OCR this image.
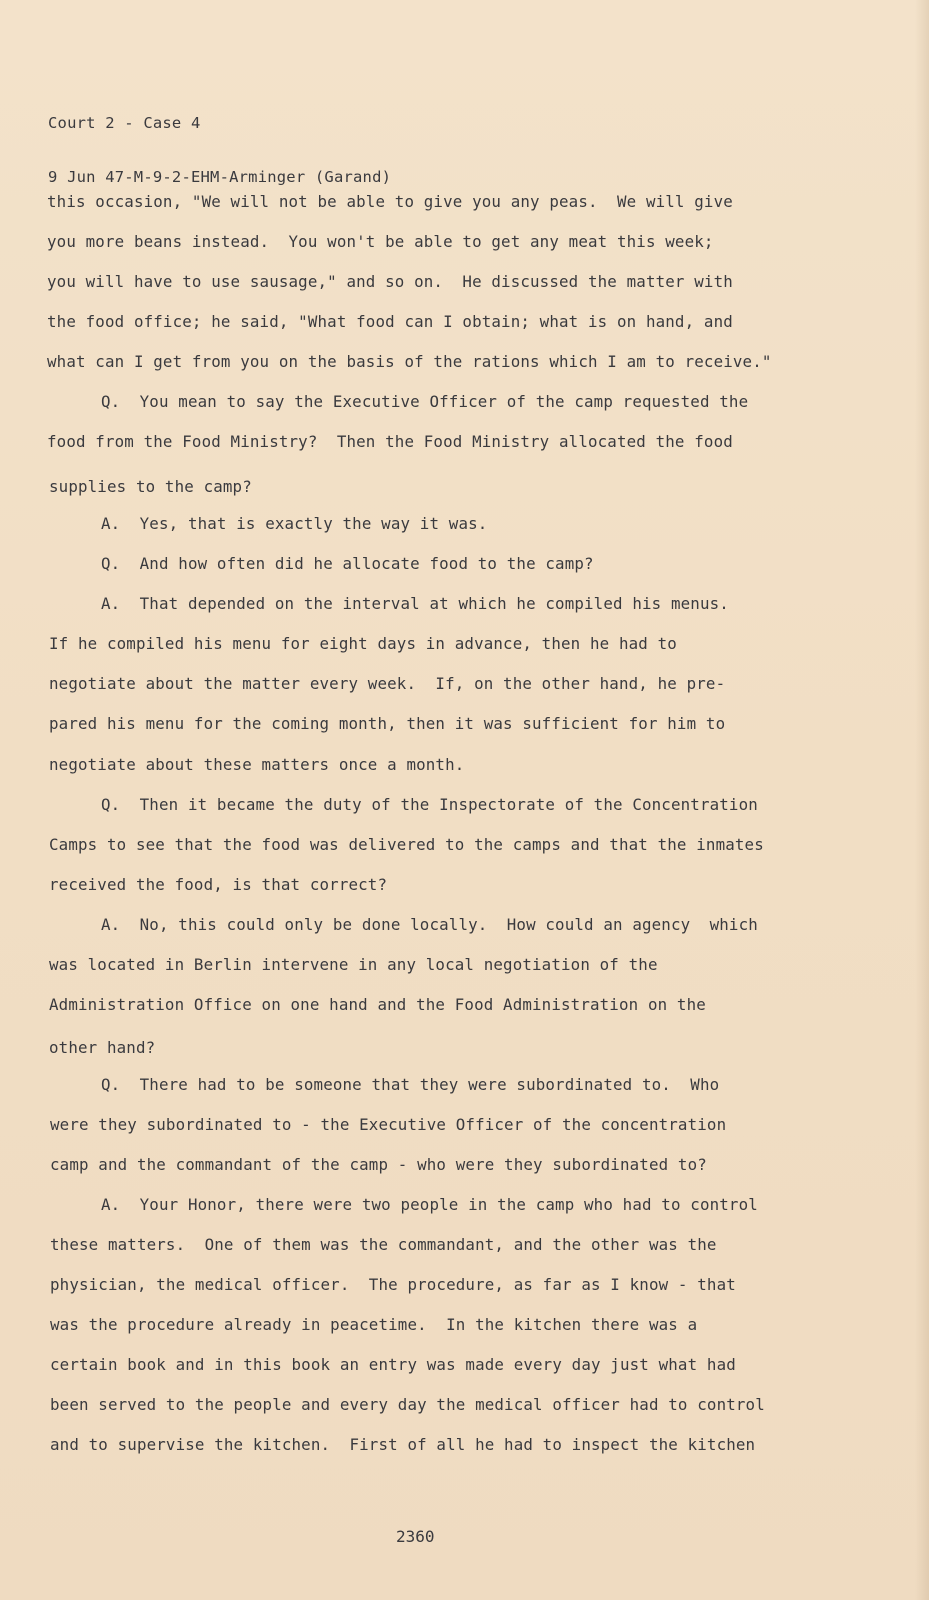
Court 2 - Case 4

9 Jun 47-M-9-2-EHM-Arminger (Garand)

this occasion, "We will not be able to give you any peas.  We will give
you more beans instead.  You won't be able to get any meat this week;
you will have to use sausage," and so on.  He discussed the matter with
the food office; he said, "What food can I obtain; what is on hand, and
what can I get from you on the basis of the rations which I am to receive."
Q.  You mean to say the Executive Officer of the camp requested the
food from the Food Ministry?  Then the Food Ministry allocated the food
supplies to the camp?
A.  Yes, that is exactly the way it was.
Q.  And how often did he allocate food to the camp?
A.  That depended on the interval at which he compiled his menus.
If he compiled his menu for eight days in advance, then he had to
negotiate about the matter every week.  If, on the other hand, he pre-
pared his menu for the coming month, then it was sufficient for him to
negotiate about these matters once a month.
Q.  Then it became the duty of the Inspectorate of the Concentration
Camps to see that the food was delivered to the camps and that the inmates
received the food, is that correct?
A.  No, this could only be done locally.  How could an agency  which
was located in Berlin intervene in any local negotiation of the
Administration Office on one hand and the Food Administration on the
other hand?
Q.  There had to be someone that they were subordinated to.  Who
were they subordinated to - the Executive Officer of the concentration
camp and the commandant of the camp - who were they subordinated to?
A.  Your Honor, there were two people in the camp who had to control
these matters.  One of them was the commandant, and the other was the
physician, the medical officer.  The procedure, as far as I know - that
was the procedure already in peacetime.  In the kitchen there was a
certain book and in this book an entry was made every day just what had
been served to the people and every day the medical officer had to control
and to supervise the kitchen.  First of all he had to inspect the kitchen
2360
